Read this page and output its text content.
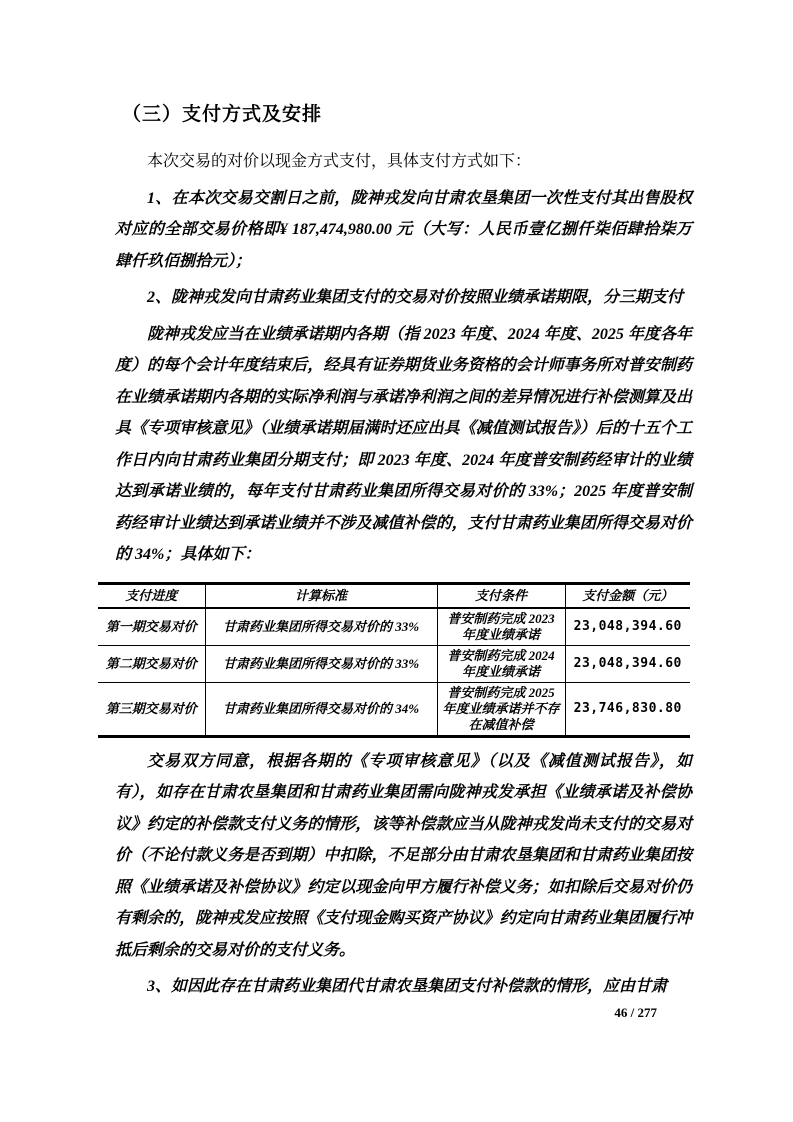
（三）支付方式及安排

本次交易的对价以现金方式支付，具体支付方式如下：

1、在本次交易交割日之前，陇神戎发向甘肃农垦集团一次性支付其出售股权对应的全部交易价格即¥ 187,474,980.00 元（大写：人民币壹亿捌仟柒佰肆拾柒万肆仟玖佰捌拾元）；

2、陇神戎发向甘肃药业集团支付的交易对价按照业绩承诺期限，分三期支付

陇神戎发应当在业绩承诺期内各期（指 2023 年度、2024 年度、2025 年度各年度）的每个会计年度结束后，经具有证券期货业务资格的会计师事务所对普安制药在业绩承诺期内各期的实际净利润与承诺净利润之间的差异情况进行补偿测算及出具《专项审核意见》（业绩承诺期届满时还应出具《减值测试报告》）后的十五个工作日内向甘肃药业集团分期支付；即 2023 年度、2024 年度普安制药经审计的业绩达到承诺业绩的，每年支付甘肃药业集团所得交易对价的 33%；2025 年度普安制药经审计业绩达到承诺业绩并不涉及减值补偿的，支付甘肃药业集团所得交易对价的 34%；具体如下：

支付进度	计算标准	支付条件	支付金额（元）
第一期交易对价	甘肃药业集团所得交易对价的 33%	普安制药完成 2023 年度业绩承诺	23,048,394.60
第二期交易对价	甘肃药业集团所得交易对价的 33%	普安制药完成 2024 年度业绩承诺	23,048,394.60
第三期交易对价	甘肃药业集团所得交易对价的 34%	普安制药完成 2025 年度业绩承诺并不存在减值补偿	23,746,830.80

交易双方同意，根据各期的《专项审核意见》（以及《减值测试报告》，如有），如存在甘肃农垦集团和甘肃药业集团需向陇神戎发承担《业绩承诺及补偿协议》约定的补偿款支付义务的情形，该等补偿款应当从陇神戎发尚未支付的交易对价（不论付款义务是否到期）中扣除，不足部分由甘肃农垦集团和甘肃药业集团按照《业绩承诺及补偿协议》约定以现金向甲方履行补偿义务；如扣除后交易对价仍有剩余的，陇神戎发应按照《支付现金购买资产协议》约定向甘肃药业集团履行冲抵后剩余的交易对价的支付义务。

3、如因此存在甘肃药业集团代甘肃农垦集团支付补偿款的情形，应由甘肃

46 / 277
